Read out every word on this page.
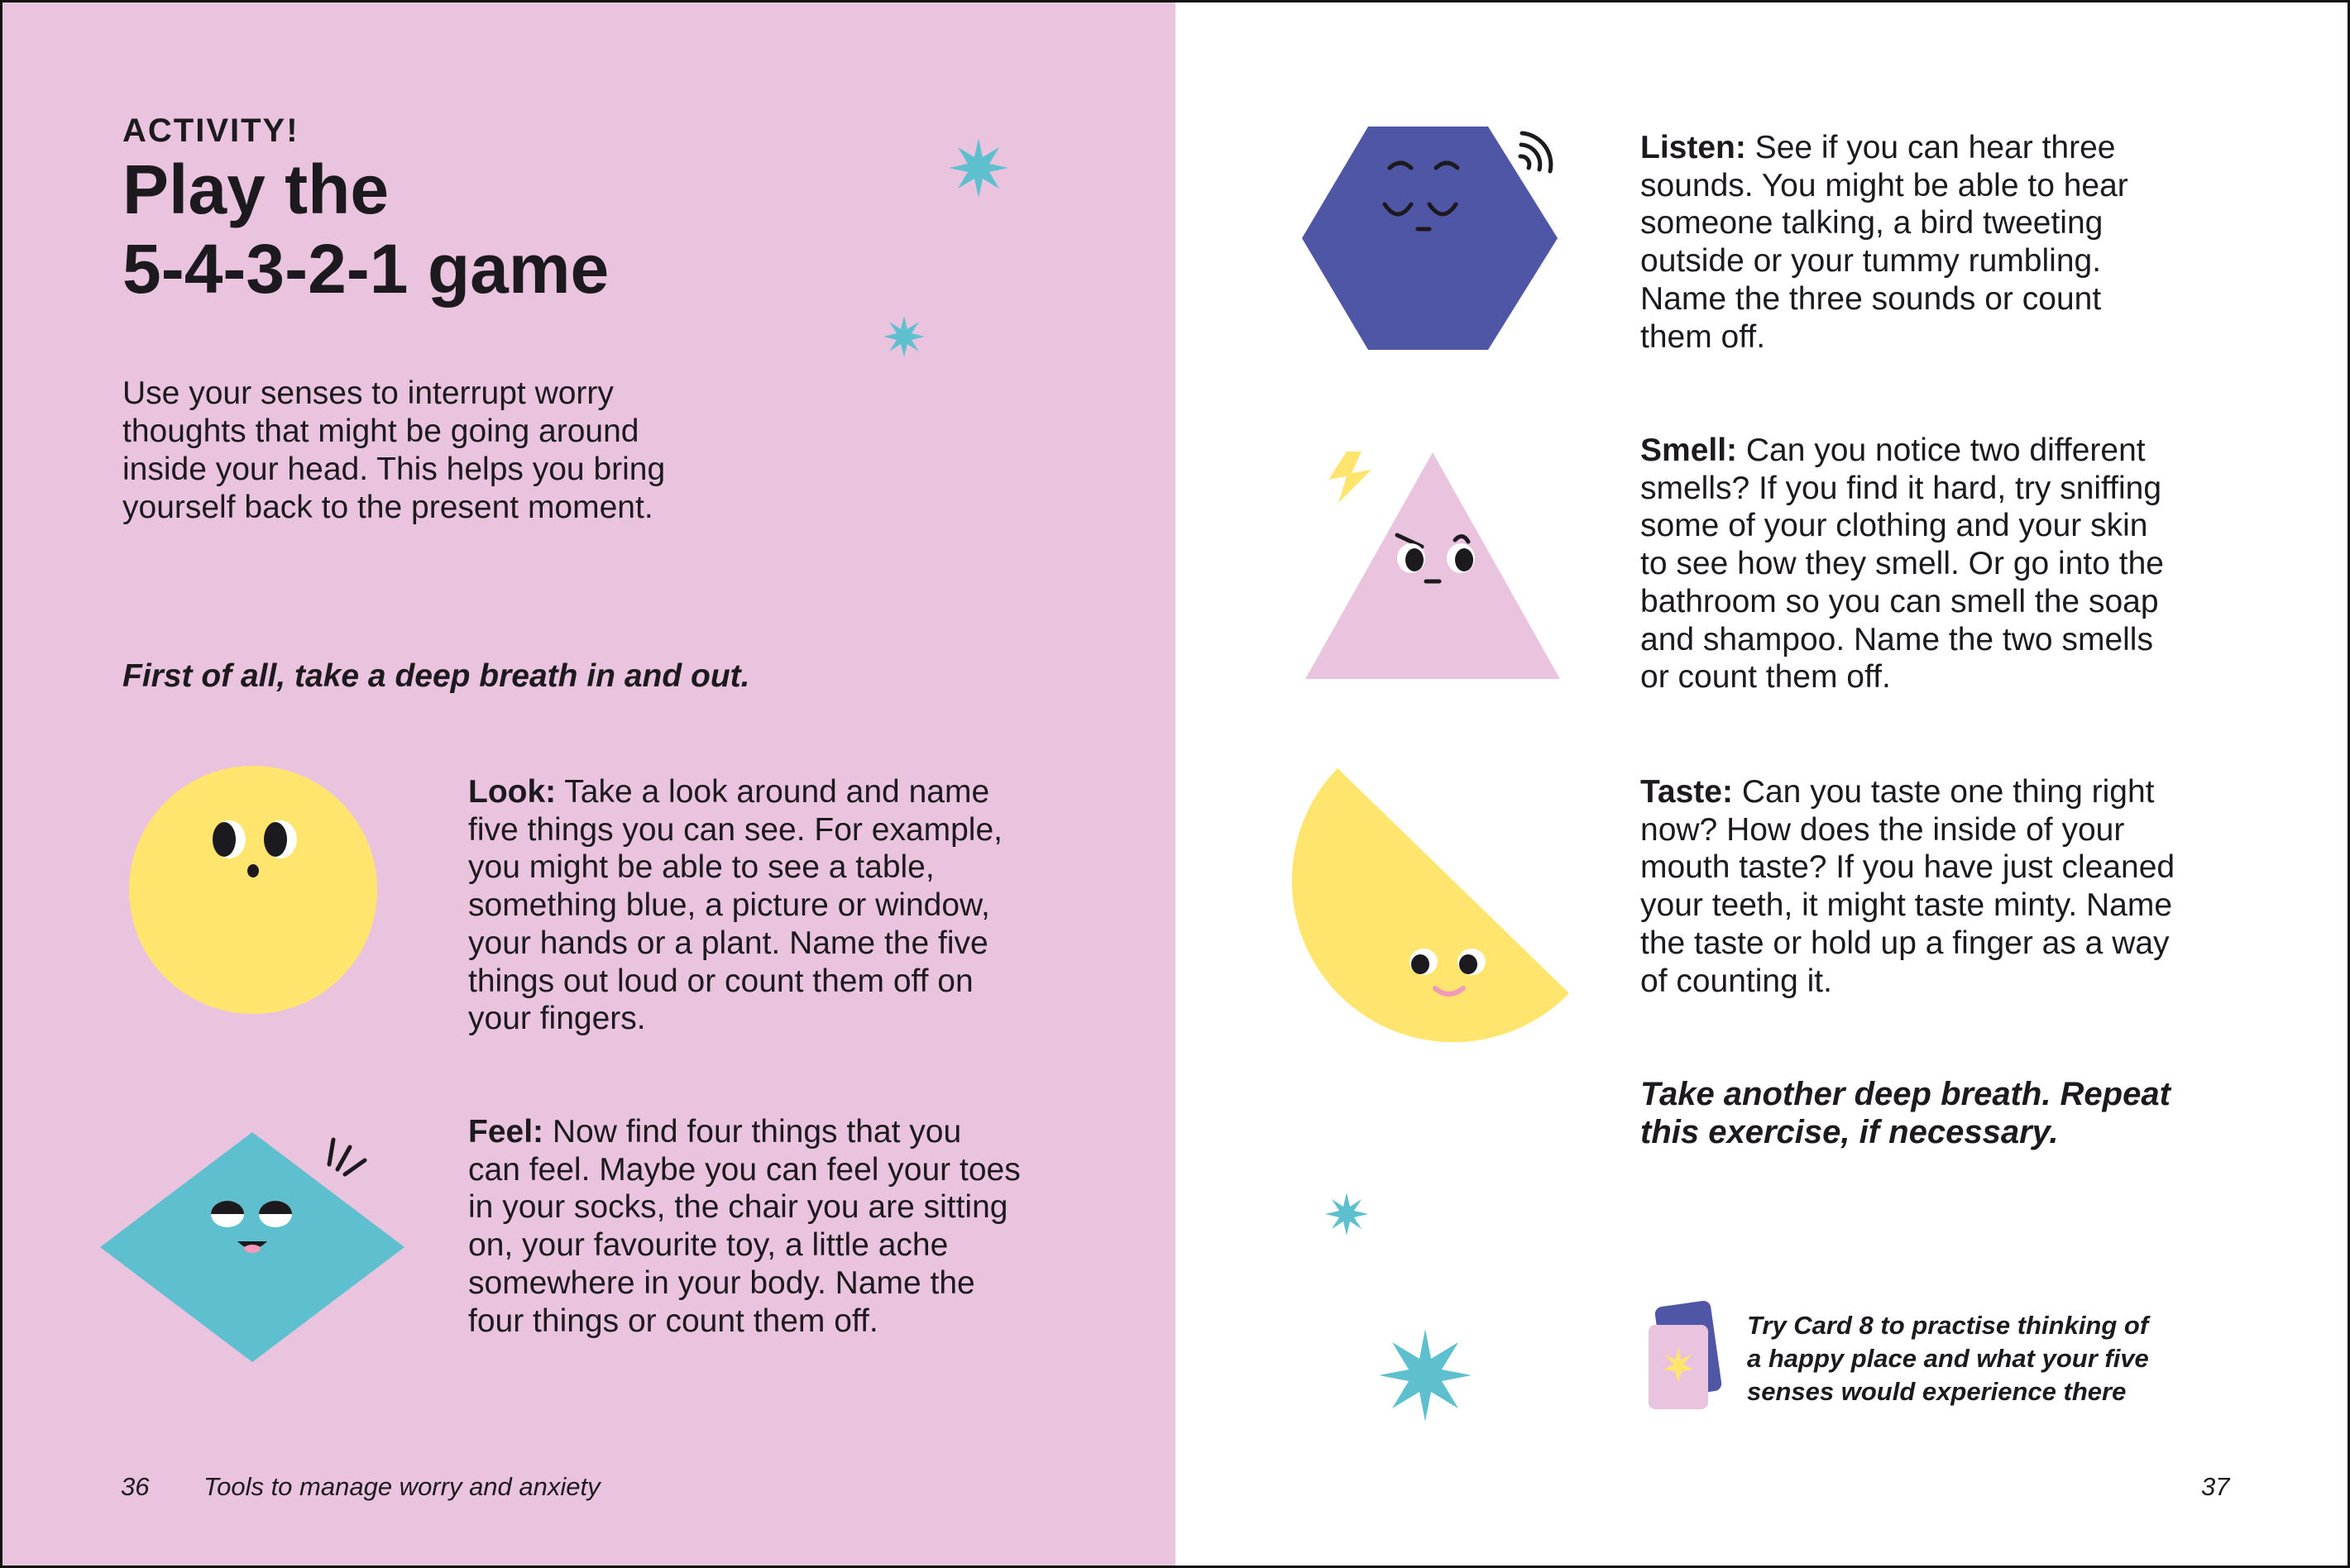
ACTIVITY!
Play the
5-4-3-2-1 game

Use your senses to interrupt worry
thoughts that might be going around
inside your head. This helps you bring
yourself back to the present moment.

First of all, take a deep breath in and out.

Look: Take a look around and name
five things you can see. For example,
you might be able to see a table,
something blue, a picture or window,
your hands or a plant. Name the five
things out loud or count them off on
your fingers.

Feel: Now find four things that you
can feel. Maybe you can feel your toes
in your socks, the chair you are sitting
on, your favourite toy, a little ache
somewhere in your body. Name the
four things or count them off.

36 Tools to manage worry and anxiety

Listen: See if you can hear three
sounds. You might be able to hear
someone talking, a bird tweeting
outside or your tummy rumbling.
Name the three sounds or count
them off.

Smell: Can you notice two different
smells? If you find it hard, try sniffing
some of your clothing and your skin
to see how they smell. Or go into the
bathroom so you can smell the soap
and shampoo. Name the two smells
or count them off.

Taste: Can you taste one thing right
now? How does the inside of your
mouth taste? If you have just cleaned
your teeth, it might taste minty. Name
the taste or hold up a finger as a way
of counting it.

Take another deep breath. Repeat
this exercise, if necessary.

Try Card 8 to practise thinking of
a happy place and what your five
senses would experience there

37
